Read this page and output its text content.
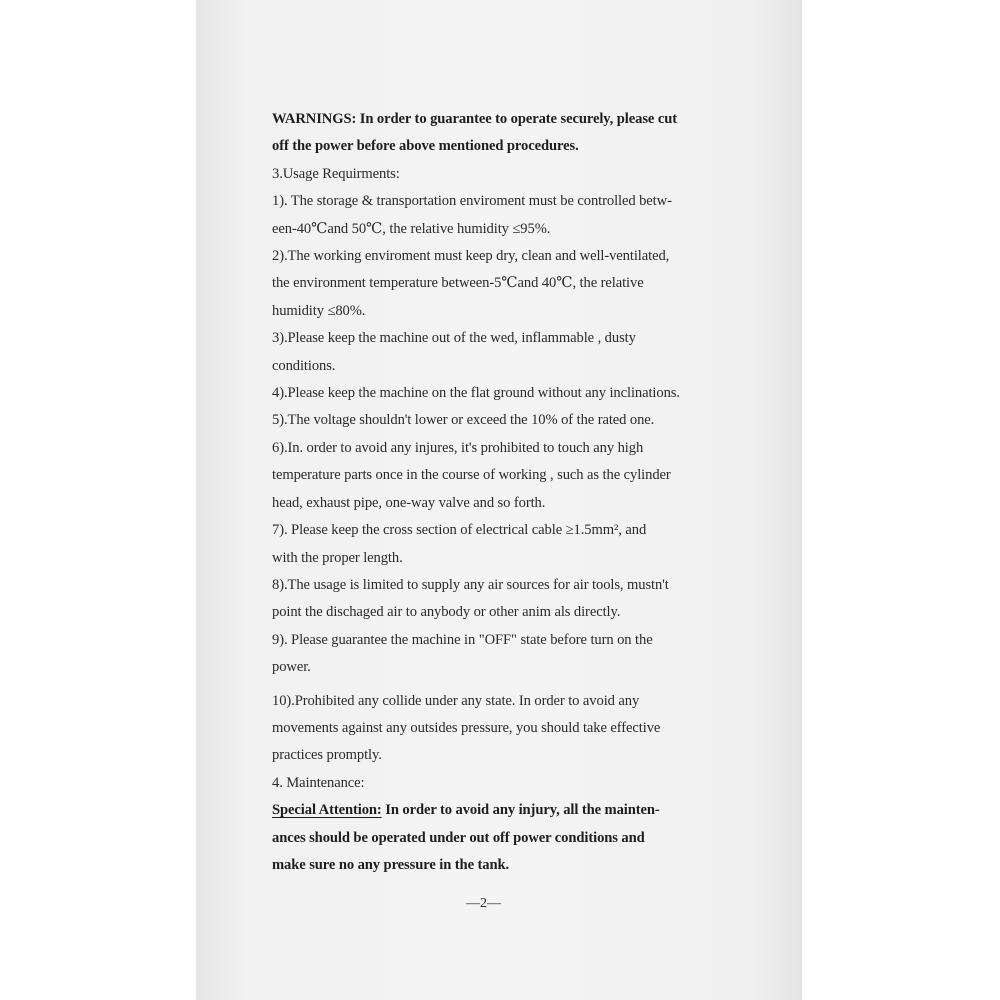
WARNINGS: In order to guarantee to operate securely, please cut
off the power before above mentioned procedures.
3.Usage Requirments:
1). The storage & transportation enviroment must be controlled betw-
een-40℃and 50℃, the relative humidity ≤95%.
2).The working enviroment must keep dry, clean and well-ventilated,
the environment temperature between-5℃and 40℃, the relative
humidity ≤80%.
3).Please keep the machine out of the wed, inflammable , dusty
conditions.
4).Please keep the machine on the flat ground without any inclinations.
5).The voltage shouldn't lower or exceed the 10% of the rated one.
6).In. order to avoid any injures, it's prohibited to touch any high
temperature parts once in the course of working , such as the cylinder
head, exhaust pipe, one-way valve and so forth.
7). Please keep the cross section of electrical cable ≥1.5mm², and
with the proper length.
8).The usage is limited to supply any air sources for air tools, mustn't
point the dischaged air to anybody or other anim als directly.
9). Please guarantee the machine in "OFF" state before turn on the
power.
10).Prohibited any collide under any state. In order to avoid any
movements against any outsides pressure, you should take effective
practices promptly.
4. Maintenance:
Special Attention: In order to avoid any injury, all the mainten-
ances should be operated under out off power conditions and
make sure no any pressure in the tank.
—2—
